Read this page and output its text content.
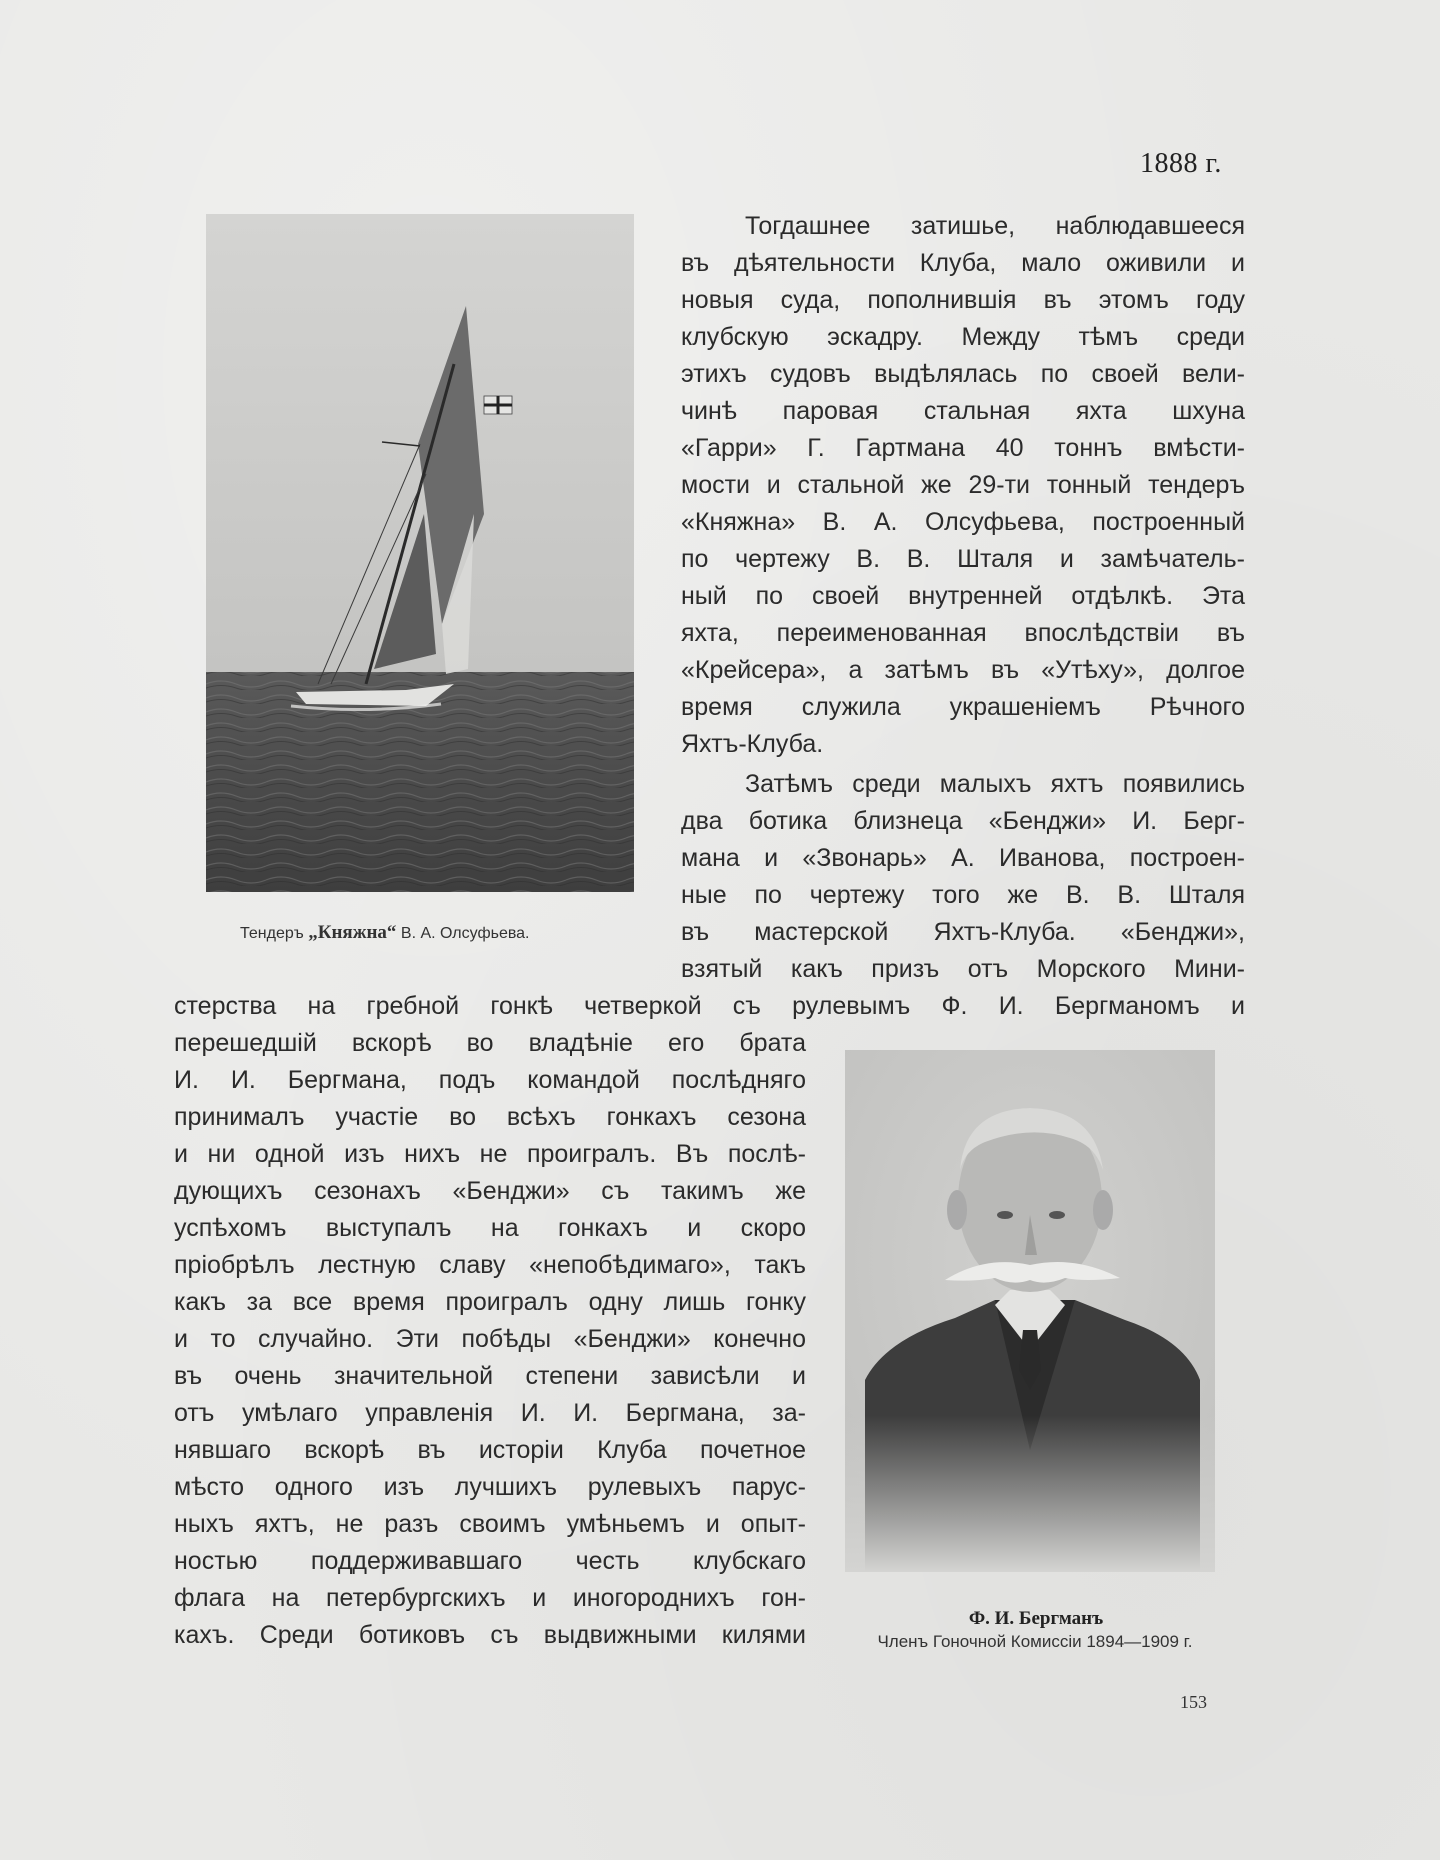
1888 г.
Тендеръ „Княжна“ В. А. Олсуфьева.
Тогдашнее затишье, наблюдавшееся
въ дѣятельности Клуба, мало оживили и
новыя суда, пополнившія въ этомъ году
клубскую эскадру. Между тѣмъ среди
этихъ судовъ выдѣлялась по своей вели-
чинѣ паровая стальная яхта шхуна
«Гарри» Г. Гартмана 40 тоннъ вмѣсти-
мости и стальной же 29-ти тонный тендеръ
«Княжна» В. А. Олсуфьева, построенный
по чертежу В. В. Шталя и замѣчатель-
ный по своей внутренней отдѣлкѣ. Эта
яхта, переименованная впослѣдствіи въ
«Крейсера», а затѣмъ въ «Утѣху», долгое
время служила украшеніемъ Рѣчного
Яхтъ-Клуба.
Затѣмъ среди малыхъ яхтъ появились
два ботика близнеца «Бенджи» И. Берг-
мана и «Звонарь» А. Иванова, построен-
ные по чертежу того же В. В. Шталя
въ мастерской Яхтъ-Клуба. «Бенджи»,
взятый какъ призъ отъ Морского Мини-
стерства на гребной гонкѣ четверкой съ рулевымъ Ф. И. Бергманомъ и
перешедшій вскорѣ во владѣніе его брата
И. И. Бергмана, подъ командой послѣдняго
принималъ участіе во всѣхъ гонкахъ сезона
и ни одной изъ нихъ не проигралъ. Въ послѣ-
дующихъ сезонахъ «Бенджи» съ такимъ же
успѣхомъ выступалъ на гонкахъ и скоро
пріобрѣлъ лестную славу «непобѣдимаго», такъ
какъ за все время проигралъ одну лишь гонку
и то случайно. Эти побѣды «Бенджи» конечно
въ очень значительной степени зависѣли и
отъ умѣлаго управленія И. И. Бергмана, за-
нявшаго вскорѣ въ исторіи Клуба почетное
мѣсто одного изъ лучшихъ рулевыхъ парус-
ныхъ яхтъ, не разъ своимъ умѣньемъ и опыт-
ностью поддерживавшаго честь клубскаго
флага на петербургскихъ и иногороднихъ гон-
кахъ. Среди ботиковъ съ выдвижными килями
Ф. И. Бергманъ
Членъ Гоночной Комиссіи 1894—1909 г.
153
